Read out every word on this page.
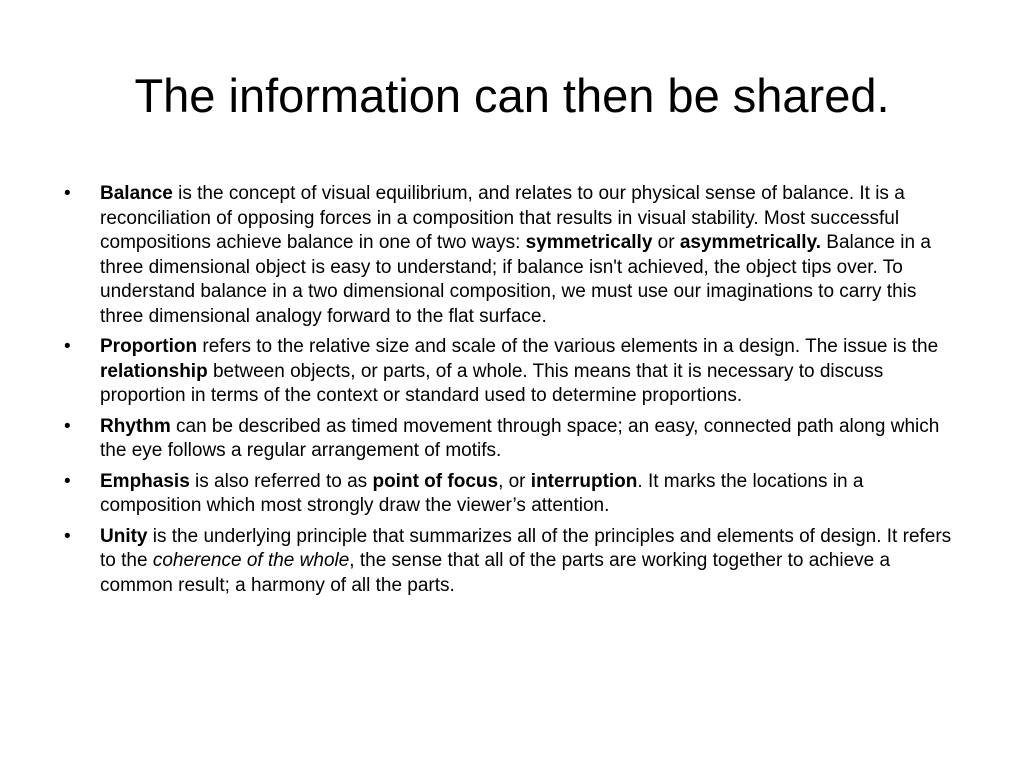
The information can then be shared.
• Balance is the concept of visual equilibrium, and relates to our physical sense of balance. It is a reconciliation of opposing forces in a composition that results in visual stability. Most successful compositions achieve balance in one of two ways: symmetrically or asymmetrically. Balance in a three dimensional object is easy to understand; if balance isn't achieved, the object tips over. To understand balance in a two dimensional composition, we must use our imaginations to carry this three dimensional analogy forward to the flat surface.
• Proportion refers to the relative size and scale of the various elements in a design. The issue is the relationship between objects, or parts, of a whole. This means that it is necessary to discuss proportion in terms of the context or standard used to determine proportions.
• Rhythm can be described as timed movement through space; an easy, connected path along which the eye follows a regular arrangement of motifs.
• Emphasis is also referred to as point of focus, or interruption. It marks the locations in a composition which most strongly draw the viewer’s attention.
• Unity is the underlying principle that summarizes all of the principles and elements of design. It refers to the coherence of the whole, the sense that all of the parts are working together to achieve a common result; a harmony of all the parts.
